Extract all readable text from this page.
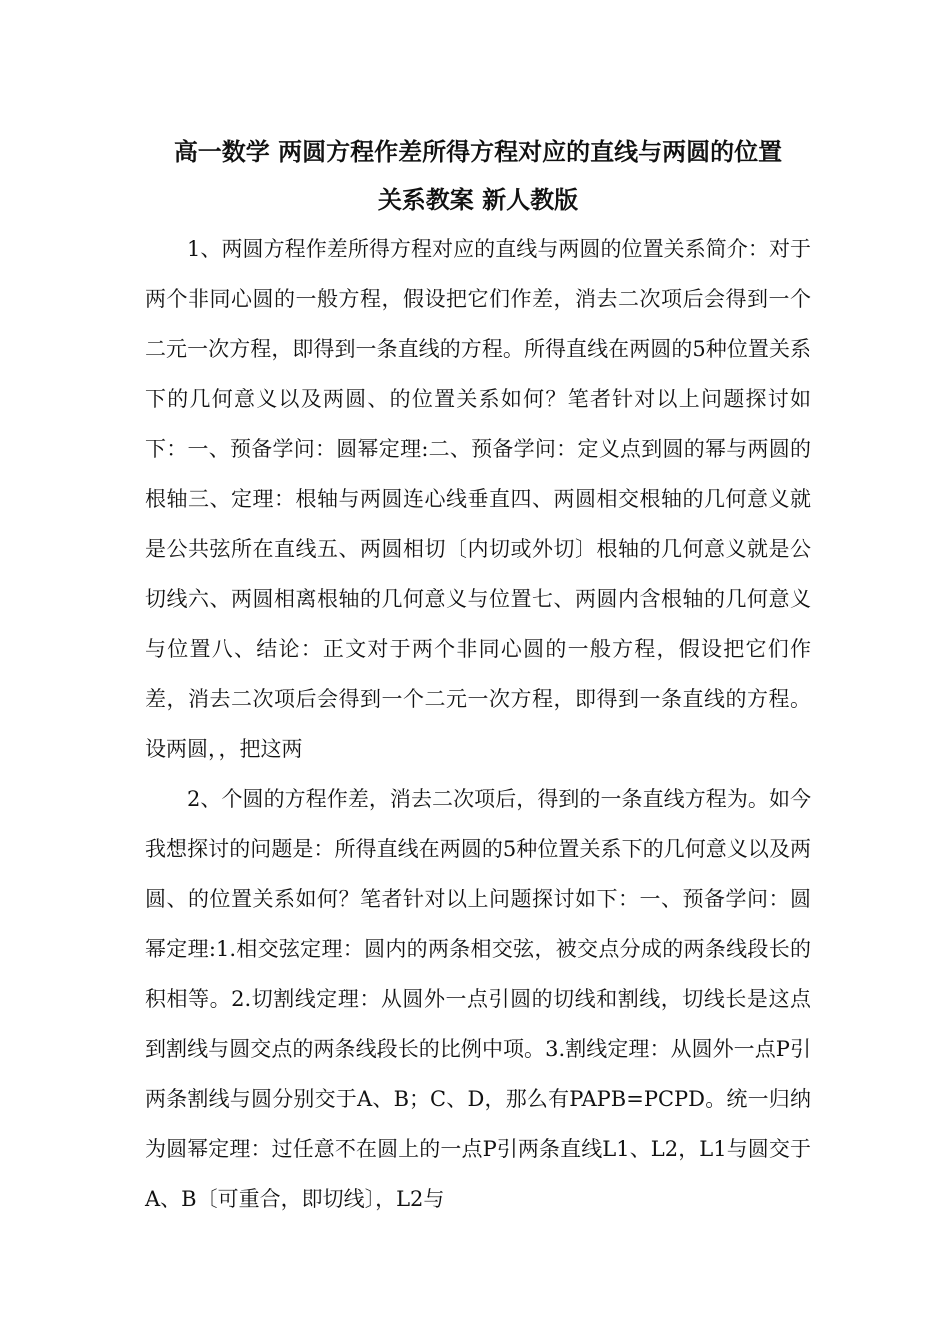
高一数学 两圆方程作差所得方程对应的直线与两圆的位置
关系教案 新人教版

1、两圆方程作差所得方程对应的直线与两圆的位置关系简介：对于两个非同心圆的一般方程，假设把它们作差，消去二次项后会得到一个二元一次方程，即得到一条直线的方程。所得直线在两圆的5种位置关系下的几何意义以及两圆、的位置关系如何？笔者针对以上问题探讨如下：一、预备学问：圆幂定理:二、预备学问：定义点到圆的幂与两圆的根轴三、定理：根轴与两圆连心线垂直四、两圆相交根轴的几何意义就是公共弦所在直线五、两圆相切〔内切或外切〕根轴的几何意义就是公切线六、两圆相离根轴的几何意义与位置七、两圆内含根轴的几何意义与位置八、结论：正文对于两个非同心圆的一般方程，假设把它们作差，消去二次项后会得到一个二元一次方程，即得到一条直线的方程。设两圆，，把这两

2、个圆的方程作差，消去二次项后，得到的一条直线方程为。如今我想探讨的问题是：所得直线在两圆的5种位置关系下的几何意义以及两圆、的位置关系如何？笔者针对以上问题探讨如下：一、预备学问：圆幂定理:1.相交弦定理：圆内的两条相交弦，被交点分成的两条线段长的积相等。2.切割线定理：从圆外一点引圆的切线和割线，切线长是这点到割线与圆交点的两条线段长的比例中项。3.割线定理：从圆外一点P引两条割线与圆分别交于A、B；C、D，那么有PAPB=PCPD。统一归纳为圆幂定理：过任意不在圆上的一点P引两条直线L1、L2，L1与圆交于A、B〔可重合，即切线〕，L2与
